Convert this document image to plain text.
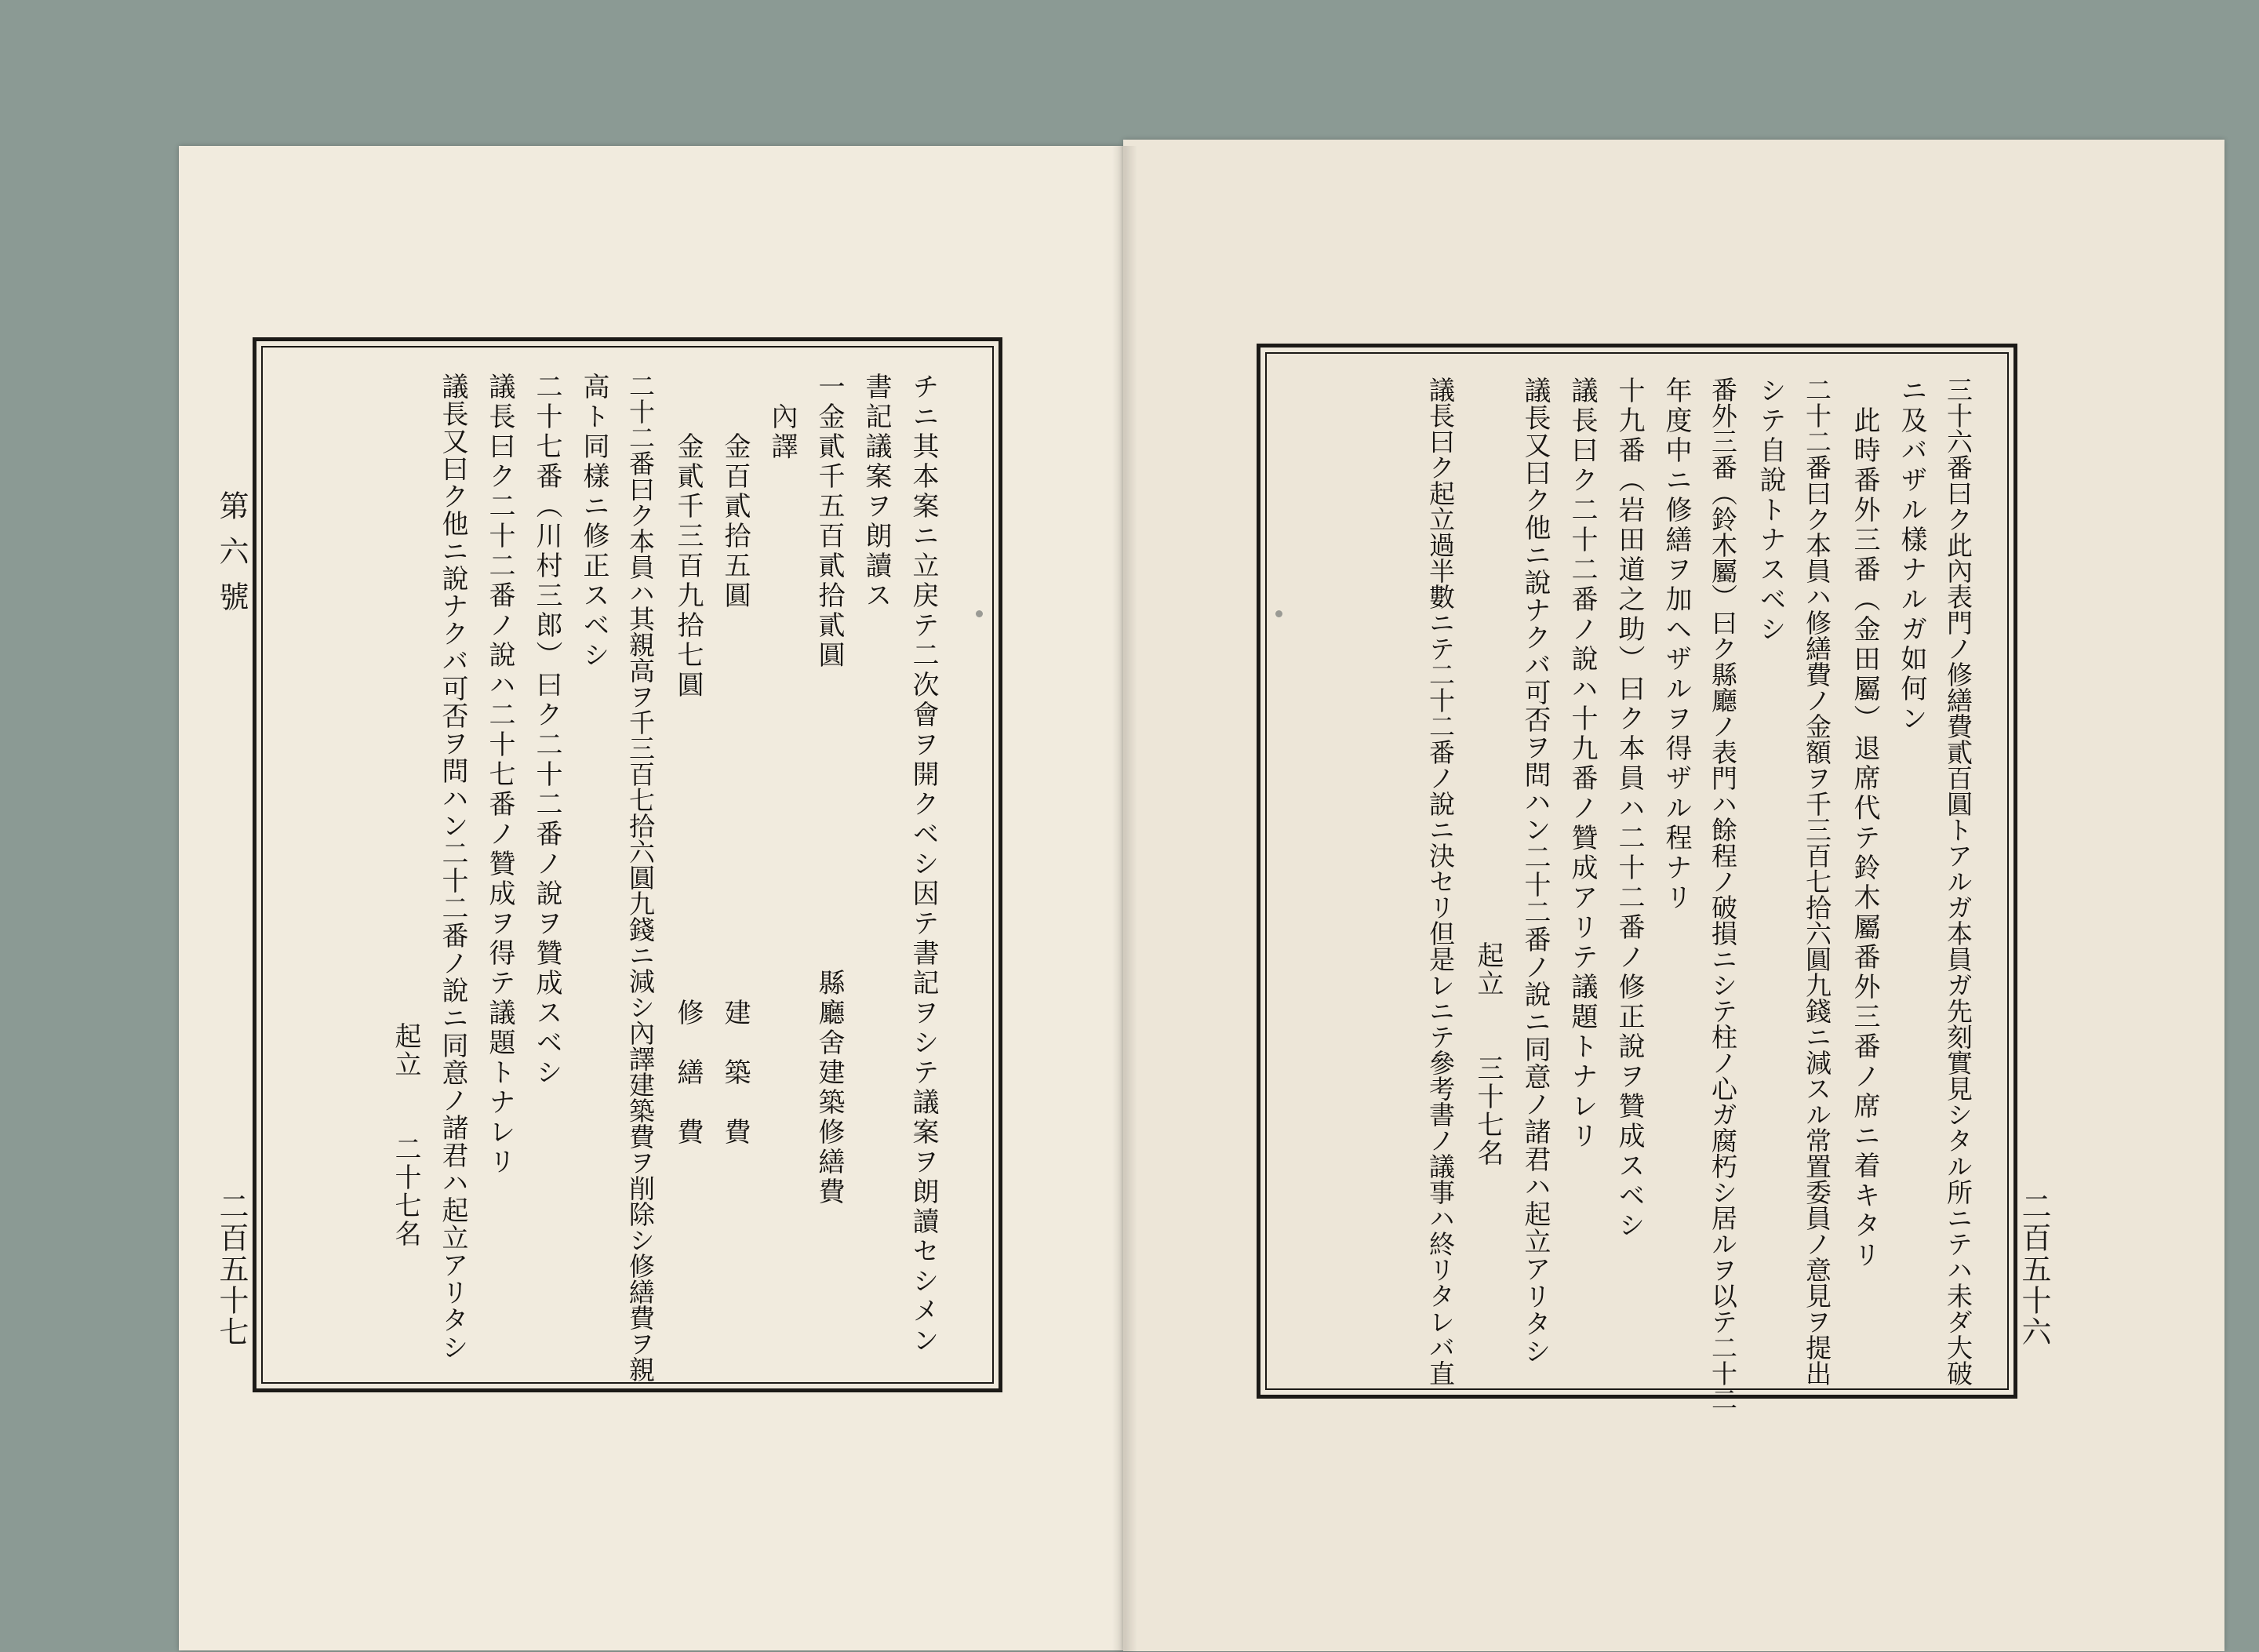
第六號
二百五十七	チニ其本案ニ立戻テ二次會ヲ開クベシ因テ書記ヲシテ議案ヲ朗讀セシメン
書記議案ヲ朗讀ス
一金貳千五百貳拾貳圓　　　　　　　　　　縣廳舍建築修繕費
　內譯
　　金百貳拾五圓　　　　　　　　　　　　　建　築　費
　　金貳千三百九拾七圓　　　　　　　　　　修　繕　費
二十二番曰ク本員ハ其親高ヲ千三百七拾六圓九錢ニ減シ內譯建築費ヲ削除シ修繕費ヲ親
高ト同樣ニ修正スベシ
二十七番（川村三郎）曰ク二十二番ノ說ヲ贊成スベシ
議長曰ク二十二番ノ說ハ二十七番ノ贊成ヲ得テ議題トナレリ
議長又曰ク他ニ說ナクバ可否ヲ問ハン二十二番ノ說ニ同意ノ諸君ハ起立アリタシ
　　　　　　　　　　　　　　　　　　　　　　　起立　　二十七名
二百五十六
三十六番曰ク此內表門ノ修繕費貳百圓トアルガ本員ガ先刻實見シタル所ニテハ未ダ大破
ニ及バザル樣ナルガ如何ン
　此時番外三番（金田屬）退席代テ鈴木屬番外三番ノ席ニ着キタリ
二十二番曰ク本員ハ修繕費ノ金額ヲ千三百七拾六圓九錢ニ減スル常置委員ノ意見ヲ提出
シテ自說トナスベシ
番外三番（鈴木屬）曰ク縣廳ノ表門ハ餘程ノ破損ニシテ柱ノ心ガ腐朽シ居ルヲ以テ二十二
年度中ニ修繕ヲ加ヘザルヲ得ザル程ナリ
十九番（岩田道之助）曰ク本員ハ二十二番ノ修正說ヲ贊成スベシ
議長曰ク二十二番ノ說ハ十九番ノ贊成アリテ議題トナレリ
議長又曰ク他ニ說ナクバ可否ヲ問ハン二十二番ノ說ニ同意ノ諸君ハ起立アリタシ
　　　　　　　　　　　　　　　　　　　　起立　　三十七名
議長曰ク起立過半數ニテ二十二番ノ說ニ決セリ但是レニテ參考書ノ議事ハ終リタレバ直
